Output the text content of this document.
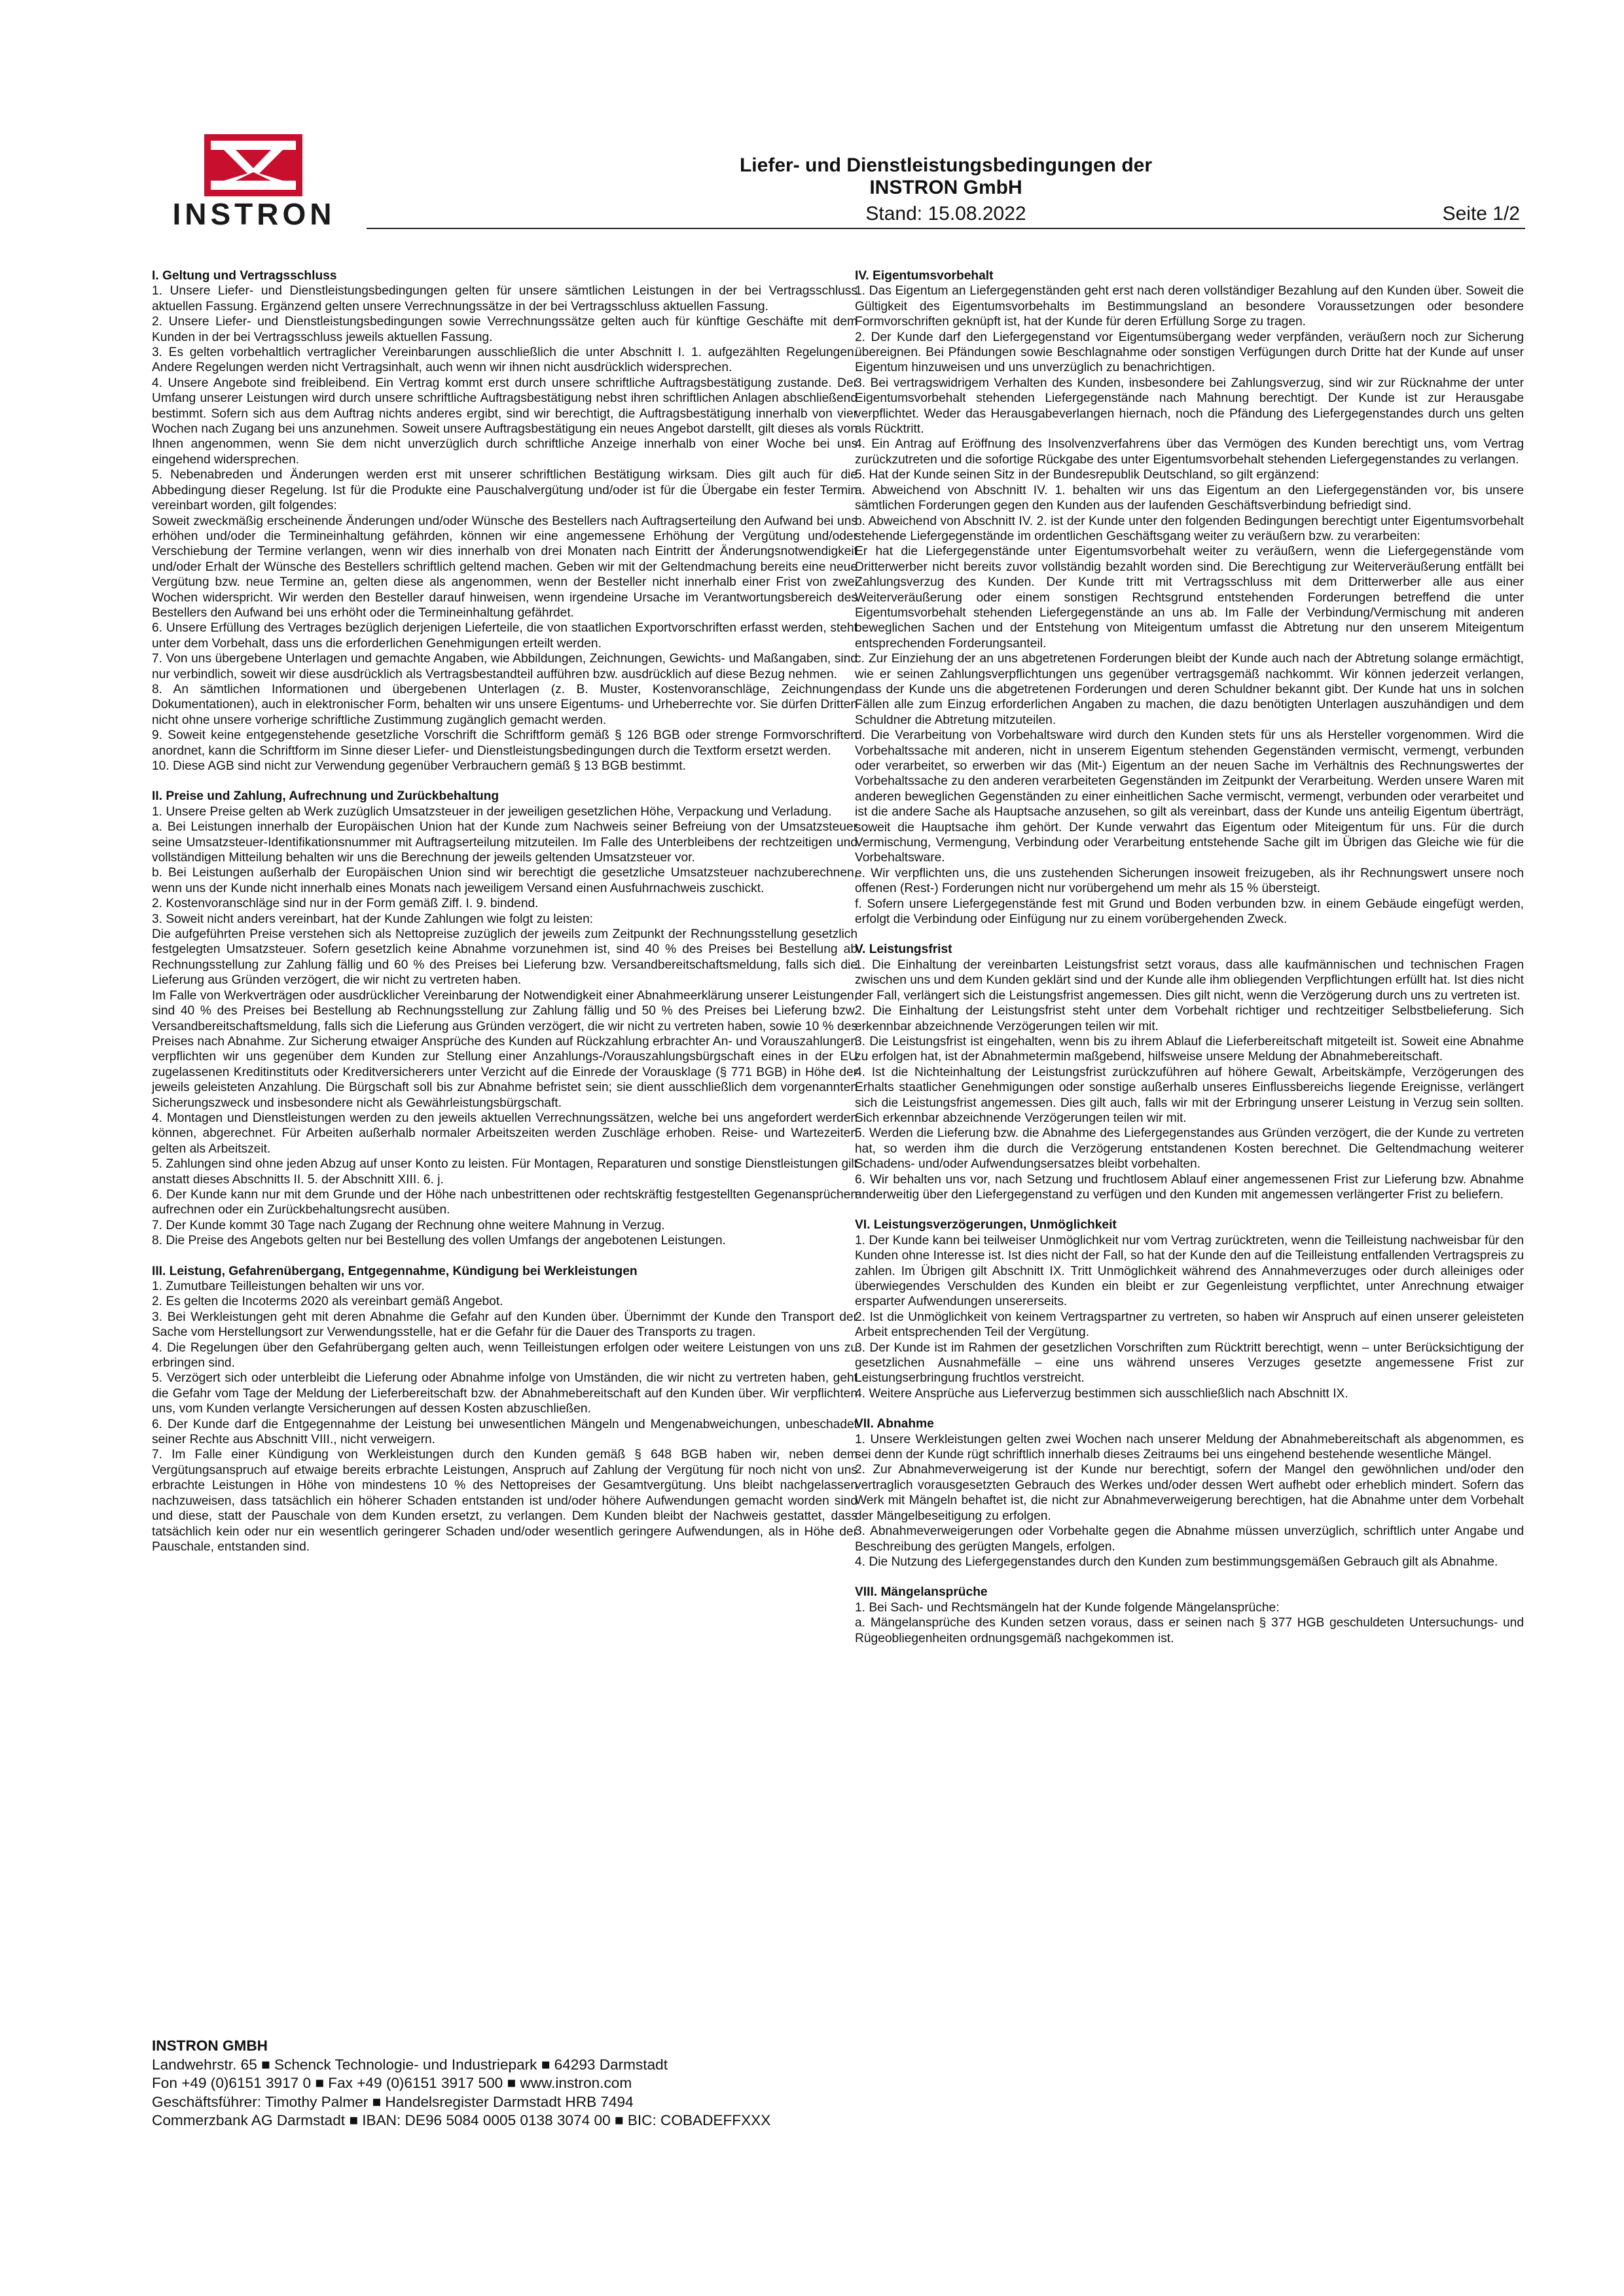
INSTRON
Liefer- und Dienstleistungsbedingungen der
INSTRON GmbH
Stand: 15.08.2022	Seite 1/2
I. Geltung und Vertragsschluss

1. Unsere Liefer- und Dienstleistungsbedingungen gelten für unsere sämtlichen Leistungen in der bei Vertragsschluss aktuellen Fassung. Ergänzend gelten unsere Verrechnungssätze in der bei Vertragsschluss aktuellen Fassung.

2. Unsere Liefer- und Dienstleistungsbedingungen sowie Verrechnungssätze gelten auch für künftige Geschäfte mit dem Kunden in der bei Vertragsschluss jeweils aktuellen Fassung.

3. Es gelten vorbehaltlich vertraglicher Vereinbarungen ausschließlich die unter Abschnitt I. 1. aufgezählten Regelungen. Andere Regelungen werden nicht Vertragsinhalt, auch wenn wir ihnen nicht ausdrücklich widersprechen.

4. Unsere Angebote sind freibleibend. Ein Vertrag kommt erst durch unsere schriftliche Auftragsbestätigung zustande. Der Umfang unserer Leistungen wird durch unsere schriftliche Auftragsbestätigung nebst ihren schriftlichen Anlagen abschließend bestimmt. Sofern sich aus dem Auftrag nichts anderes ergibt, sind wir berechtigt, die Auftragsbestätigung innerhalb von vier Wochen nach Zugang bei uns anzunehmen. Soweit unsere Auftragsbestätigung ein neues Angebot darstellt, gilt dieses als von Ihnen angenommen, wenn Sie dem nicht unverzüglich durch schriftliche Anzeige innerhalb von einer Woche bei uns eingehend widersprechen.

5. Nebenabreden und Änderungen werden erst mit unserer schriftlichen Bestätigung wirksam. Dies gilt auch für die Abbedingung dieser Regelung. Ist für die Produkte eine Pauschalvergütung und/oder ist für die Übergabe ein fester Termin vereinbart worden, gilt folgendes:

Soweit zweckmäßig erscheinende Änderungen und/oder Wünsche des Bestellers nach Auftragserteilung den Aufwand bei uns erhöhen und/oder die Termineinhaltung gefährden, können wir eine angemessene Erhöhung der Vergütung und/oder Verschiebung der Termine verlangen, wenn wir dies innerhalb von drei Monaten nach Eintritt der Änderungsnotwendigkeit und/oder Erhalt der Wünsche des Bestellers schriftlich geltend machen. Geben wir mit der Geltendmachung bereits eine neue Vergütung bzw. neue Termine an, gelten diese als angenommen, wenn der Besteller nicht innerhalb einer Frist von zwei Wochen widerspricht. Wir werden den Besteller darauf hinweisen, wenn irgendeine Ursache im Verantwortungsbereich des Bestellers den Aufwand bei uns erhöht oder die Termineinhaltung gefährdet.

6. Unsere Erfüllung des Vertrages bezüglich derjenigen Lieferteile, die von staatlichen Exportvorschriften erfasst werden, steht unter dem Vorbehalt, dass uns die erforderlichen Genehmigungen erteilt werden.

7. Von uns übergebene Unterlagen und gemachte Angaben, wie Abbildungen, Zeichnungen, Gewichts- und Maßangaben, sind nur verbindlich, soweit wir diese ausdrücklich als Vertragsbestandteil aufführen bzw. ausdrücklich auf diese Bezug nehmen.

8. An sämtlichen Informationen und übergebenen Unterlagen (z. B. Muster, Kostenvoranschläge, Zeichnungen, Dokumentationen), auch in elektronischer Form, behalten wir uns unsere Eigentums- und Urheberrechte vor. Sie dürfen Dritten nicht ohne unsere vorherige schriftliche Zustimmung zugänglich gemacht werden.

9. Soweit keine entgegenstehende gesetzliche Vorschrift die Schriftform gemäß § 126 BGB oder strenge Formvorschriften anordnet, kann die Schriftform im Sinne dieser Liefer- und Dienstleistungsbedingungen durch die Textform ersetzt werden.

10. Diese AGB sind nicht zur Verwendung gegenüber Verbrauchern gemäß § 13 BGB bestimmt.

II. Preise und Zahlung, Aufrechnung und Zurückbehaltung

1. Unsere Preise gelten ab Werk zuzüglich Umsatzsteuer in der jeweiligen gesetzlichen Höhe, Verpackung und Verladung.

a. Bei Leistungen innerhalb der Europäischen Union hat der Kunde zum Nachweis seiner Befreiung von der Umsatzsteuer seine Umsatzsteuer-Identifikationsnummer mit Auftragserteilung mitzuteilen. Im Falle des Unterbleibens der rechtzeitigen und vollständigen Mitteilung behalten wir uns die Berechnung der jeweils geltenden Umsatzsteuer vor.

b. Bei Leistungen außerhalb der Europäischen Union sind wir berechtigt die gesetzliche Umsatzsteuer nachzuberechnen, wenn uns der Kunde nicht innerhalb eines Monats nach jeweiligem Versand einen Ausfuhrnachweis zuschickt.

2. Kostenvoranschläge sind nur in der Form gemäß Ziff. I. 9. bindend.

3. Soweit nicht anders vereinbart, hat der Kunde Zahlungen wie folgt zu leisten:

Die aufgeführten Preise verstehen sich als Nettopreise zuzüglich der jeweils zum Zeitpunkt der Rechnungsstellung gesetzlich festgelegten Umsatzsteuer. Sofern gesetzlich keine Abnahme vorzunehmen ist, sind 40 % des Preises bei Bestellung ab Rechnungsstellung zur Zahlung fällig und 60 % des Preises bei Lieferung bzw. Versandbereitschaftsmeldung, falls sich die Lieferung aus Gründen verzögert, die wir nicht zu vertreten haben.

Im Falle von Werkverträgen oder ausdrücklicher Vereinbarung der Notwendigkeit einer Abnahmeerklärung unserer Leistungen, sind 40 % des Preises bei Bestellung ab Rechnungsstellung zur Zahlung fällig und 50 % des Preises bei Lieferung bzw. Versandbereitschaftsmeldung, falls sich die Lieferung aus Gründen verzögert, die wir nicht zu vertreten haben, sowie 10 % des Preises nach Abnahme. Zur Sicherung etwaiger Ansprüche des Kunden auf Rückzahlung erbrachter An- und Vorauszahlungen verpflichten wir uns gegenüber dem Kunden zur Stellung einer Anzahlungs-/Vorauszahlungsbürgschaft eines in der EU zugelassenen Kreditinstituts oder Kreditversicherers unter Verzicht auf die Einrede der Vorausklage (§ 771 BGB) in Höhe der jeweils geleisteten Anzahlung. Die Bürgschaft soll bis zur Abnahme befristet sein; sie dient ausschließlich dem vorgenannten Sicherungszweck und insbesondere nicht als Gewährleistungsbürgschaft.

4. Montagen und Dienstleistungen werden zu den jeweils aktuellen Verrechnungssätzen, welche bei uns angefordert werden können, abgerechnet. Für Arbeiten außerhalb normaler Arbeitszeiten werden Zuschläge erhoben. Reise- und Wartezeiten gelten als Arbeitszeit.

5. Zahlungen sind ohne jeden Abzug auf unser Konto zu leisten. Für Montagen, Reparaturen und sonstige Dienstleistungen gilt anstatt dieses Abschnitts II. 5. der Abschnitt XIII. 6. j.

6. Der Kunde kann nur mit dem Grunde und der Höhe nach unbestrittenen oder rechtskräftig festgestellten Gegenansprüchen aufrechnen oder ein Zurückbehaltungsrecht ausüben.

7. Der Kunde kommt 30 Tage nach Zugang der Rechnung ohne weitere Mahnung in Verzug.

8. Die Preise des Angebots gelten nur bei Bestellung des vollen Umfangs der angebotenen Leistungen.

III. Leistung, Gefahrenübergang, Entgegennahme, Kündigung bei Werkleistungen

1. Zumutbare Teilleistungen behalten wir uns vor.

2. Es gelten die Incoterms 2020 als vereinbart gemäß Angebot.

3. Bei Werkleistungen geht mit deren Abnahme die Gefahr auf den Kunden über. Übernimmt der Kunde den Transport der Sache vom Herstellungsort zur Verwendungsstelle, hat er die Gefahr für die Dauer des Transports zu tragen.

4. Die Regelungen über den Gefahrübergang gelten auch, wenn Teilleistungen erfolgen oder weitere Leistungen von uns zu erbringen sind.

5. Verzögert sich oder unterbleibt die Lieferung oder Abnahme infolge von Umständen, die wir nicht zu vertreten haben, geht die Gefahr vom Tage der Meldung der Lieferbereitschaft bzw. der Abnahmebereitschaft auf den Kunden über. Wir verpflichten uns, vom Kunden verlangte Versicherungen auf dessen Kosten abzuschließen.

6. Der Kunde darf die Entgegennahme der Leistung bei unwesentlichen Mängeln und Mengenabweichungen, unbeschadet seiner Rechte aus Abschnitt VIII., nicht verweigern.

7. Im Falle einer Kündigung von Werkleistungen durch den Kunden gemäß § 648 BGB haben wir, neben dem Vergütungsanspruch auf etwaige bereits erbrachte Leistungen, Anspruch auf Zahlung der Vergütung für noch nicht von uns erbrachte Leistungen in Höhe von mindestens 10 % des Nettopreises der Gesamtvergütung. Uns bleibt nachgelassen nachzuweisen, dass tatsächlich ein höherer Schaden entstanden ist und/oder höhere Aufwendungen gemacht worden sind und diese, statt der Pauschale von dem Kunden ersetzt, zu verlangen. Dem Kunden bleibt der Nachweis gestattet, dass tatsächlich kein oder nur ein wesentlich geringerer Schaden und/oder wesentlich geringere Aufwendungen, als in Höhe der Pauschale, entstanden sind.

IV. Eigentumsvorbehalt

1. Das Eigentum an Liefergegenständen geht erst nach deren vollständiger Bezahlung auf den Kunden über. Soweit die Gültigkeit des Eigentumsvorbehalts im Bestimmungsland an besondere Voraussetzungen oder besondere Formvorschriften geknüpft ist, hat der Kunde für deren Erfüllung Sorge zu tragen.

2. Der Kunde darf den Liefergegenstand vor Eigentumsübergang weder verpfänden, veräußern noch zur Sicherung übereignen. Bei Pfändungen sowie Beschlagnahme oder sonstigen Verfügungen durch Dritte hat der Kunde auf unser Eigentum hinzuweisen und uns unverzüglich zu benachrichtigen.

3. Bei vertragswidrigem Verhalten des Kunden, insbesondere bei Zahlungsverzug, sind wir zur Rücknahme der unter Eigentumsvorbehalt stehenden Liefergegenstände nach Mahnung berechtigt. Der Kunde ist zur Herausgabe verpflichtet. Weder das Herausgabeverlangen hiernach, noch die Pfändung des Liefergegenstandes durch uns gelten als Rücktritt.

4. Ein Antrag auf Eröffnung des Insolvenzverfahrens über das Vermögen des Kunden berechtigt uns, vom Vertrag zurückzutreten und die sofortige Rückgabe des unter Eigentumsvorbehalt stehenden Liefergegenstandes zu verlangen.

5. Hat der Kunde seinen Sitz in der Bundesrepublik Deutschland, so gilt ergänzend:

a. Abweichend von Abschnitt IV. 1. behalten wir uns das Eigentum an den Liefergegenständen vor, bis unsere sämtlichen Forderungen gegen den Kunden aus der laufenden Geschäftsverbindung befriedigt sind.

b. Abweichend von Abschnitt IV. 2. ist der Kunde unter den folgenden Bedingungen berechtigt unter Eigentumsvorbehalt stehende Liefergegenstände im ordentlichen Geschäftsgang weiter zu veräußern bzw. zu verarbeiten:

Er hat die Liefergegenstände unter Eigentumsvorbehalt weiter zu veräußern, wenn die Liefergegenstände vom Dritterwerber nicht bereits zuvor vollständig bezahlt worden sind. Die Berechtigung zur Weiterveräußerung entfällt bei Zahlungsverzug des Kunden. Der Kunde tritt mit Vertragsschluss mit dem Dritterwerber alle aus einer Weiterveräußerung oder einem sonstigen Rechtsgrund entstehenden Forderungen betreffend die unter Eigentumsvorbehalt stehenden Liefergegenstände an uns ab. Im Falle der Verbindung/Vermischung mit anderen beweglichen Sachen und der Entstehung von Miteigentum umfasst die Abtretung nur den unserem Miteigentum entsprechenden Forderungsanteil.

c. Zur Einziehung der an uns abgetretenen Forderungen bleibt der Kunde auch nach der Abtretung solange ermächtigt, wie er seinen Zahlungsverpflichtungen uns gegenüber vertragsgemäß nachkommt. Wir können jederzeit verlangen, dass der Kunde uns die abgetretenen Forderungen und deren Schuldner bekannt gibt. Der Kunde hat uns in solchen Fällen alle zum Einzug erforderlichen Angaben zu machen, die dazu benötigten Unterlagen auszuhändigen und dem Schuldner die Abtretung mitzuteilen.

d. Die Verarbeitung von Vorbehaltsware wird durch den Kunden stets für uns als Hersteller vorgenommen. Wird die Vorbehaltssache mit anderen, nicht in unserem Eigentum stehenden Gegenständen vermischt, vermengt, verbunden oder verarbeitet, so erwerben wir das (Mit-) Eigentum an der neuen Sache im Verhältnis des Rechnungswertes der Vorbehaltssache zu den anderen verarbeiteten Gegenständen im Zeitpunkt der Verarbeitung. Werden unsere Waren mit anderen beweglichen Gegenständen zu einer einheitlichen Sache vermischt, vermengt, verbunden oder verarbeitet und ist die andere Sache als Hauptsache anzusehen, so gilt als vereinbart, dass der Kunde uns anteilig Eigentum überträgt, soweit die Hauptsache ihm gehört. Der Kunde verwahrt das Eigentum oder Miteigentum für uns. Für die durch Vermischung, Vermengung, Verbindung oder Verarbeitung entstehende Sache gilt im Übrigen das Gleiche wie für die Vorbehaltsware.

e. Wir verpflichten uns, die uns zustehenden Sicherungen insoweit freizugeben, als ihr Rechnungswert unsere noch offenen (Rest-) Forderungen nicht nur vorübergehend um mehr als 15 % übersteigt.

f. Sofern unsere Liefergegenstände fest mit Grund und Boden verbunden bzw. in einem Gebäude eingefügt werden, erfolgt die Verbindung oder Einfügung nur zu einem vorübergehenden Zweck.

V. Leistungsfrist

1. Die Einhaltung der vereinbarten Leistungsfrist setzt voraus, dass alle kaufmännischen und technischen Fragen zwischen uns und dem Kunden geklärt sind und der Kunde alle ihm obliegenden Verpflichtungen erfüllt hat. Ist dies nicht der Fall, verlängert sich die Leistungsfrist angemessen. Dies gilt nicht, wenn die Verzögerung durch uns zu vertreten ist.

2. Die Einhaltung der Leistungsfrist steht unter dem Vorbehalt richtiger und rechtzeitiger Selbstbelieferung. Sich erkennbar abzeichnende Verzögerungen teilen wir mit.

3. Die Leistungsfrist ist eingehalten, wenn bis zu ihrem Ablauf die Lieferbereitschaft mitgeteilt ist. Soweit eine Abnahme zu erfolgen hat, ist der Abnahmetermin maßgebend, hilfsweise unsere Meldung der Abnahmebereitschaft.

4. Ist die Nichteinhaltung der Leistungsfrist zurückzuführen auf höhere Gewalt, Arbeitskämpfe, Verzögerungen des Erhalts staatlicher Genehmigungen oder sonstige außerhalb unseres Einflussbereichs liegende Ereignisse, verlängert sich die Leistungsfrist angemessen. Dies gilt auch, falls wir mit der Erbringung unserer Leistung in Verzug sein sollten. Sich erkennbar abzeichnende Verzögerungen teilen wir mit.

5. Werden die Lieferung bzw. die Abnahme des Liefergegenstandes aus Gründen verzögert, die der Kunde zu vertreten hat, so werden ihm die durch die Verzögerung entstandenen Kosten berechnet. Die Geltendmachung weiterer Schadens- und/oder Aufwendungsersatzes bleibt vorbehalten.

6. Wir behalten uns vor, nach Setzung und fruchtlosem Ablauf einer angemessenen Frist zur Lieferung bzw. Abnahme anderweitig über den Liefergegenstand zu verfügen und den Kunden mit angemessen verlängerter Frist zu beliefern.

VI. Leistungsverzögerungen, Unmöglichkeit

1. Der Kunde kann bei teilweiser Unmöglichkeit nur vom Vertrag zurücktreten, wenn die Teilleistung nachweisbar für den Kunden ohne Interesse ist. Ist dies nicht der Fall, so hat der Kunde den auf die Teilleistung entfallenden Vertragspreis zu zahlen. Im Übrigen gilt Abschnitt IX. Tritt Unmöglichkeit während des Annahmeverzuges oder durch alleiniges oder überwiegendes Verschulden des Kunden ein bleibt er zur Gegenleistung verpflichtet, unter Anrechnung etwaiger ersparter Aufwendungen unsererseits.

2. Ist die Unmöglichkeit von keinem Vertragspartner zu vertreten, so haben wir Anspruch auf einen unserer geleisteten Arbeit entsprechenden Teil der Vergütung.

3. Der Kunde ist im Rahmen der gesetzlichen Vorschriften zum Rücktritt berechtigt, wenn – unter Berücksichtigung der gesetzlichen Ausnahmefälle – eine uns während unseres Verzuges gesetzte angemessene Frist zur Leistungserbringung fruchtlos verstreicht.

4. Weitere Ansprüche aus Lieferverzug bestimmen sich ausschließlich nach Abschnitt IX.

VII. Abnahme

1. Unsere Werkleistungen gelten zwei Wochen nach unserer Meldung der Abnahmebereitschaft als abgenommen, es sei denn der Kunde rügt schriftlich innerhalb dieses Zeitraums bei uns eingehend bestehende wesentliche Mängel.

2. Zur Abnahmeverweigerung ist der Kunde nur berechtigt, sofern der Mangel den gewöhnlichen und/oder den vertraglich vorausgesetzten Gebrauch des Werkes und/oder dessen Wert aufhebt oder erheblich mindert. Sofern das Werk mit Mängeln behaftet ist, die nicht zur Abnahmeverweigerung berechtigen, hat die Abnahme unter dem Vorbehalt der Mängelbeseitigung zu erfolgen.

3. Abnahmeverweigerungen oder Vorbehalte gegen die Abnahme müssen unverzüglich, schriftlich unter Angabe und Beschreibung des gerügten Mangels, erfolgen.

4. Die Nutzung des Liefergegenstandes durch den Kunden zum bestimmungsgemäßen Gebrauch gilt als Abnahme.

VIII. Mängelansprüche

1. Bei Sach- und Rechtsmängeln hat der Kunde folgende Mängelansprüche:

a. Mängelansprüche des Kunden setzen voraus, dass er seinen nach § 377 HGB geschuldeten Untersuchungs- und Rügeobliegenheiten ordnungsgemäß nachgekommen ist.

INSTRON GMBH
Landwehrstr. 65 ■ Schenck Technologie- und Industriepark ■ 64293 Darmstadt
Fon +49 (0)6151 3917 0 ■ Fax +49 (0)6151 3917 500 ■ www.instron.com
Geschäftsführer: Timothy Palmer ■ Handelsregister Darmstadt HRB 7494
Commerzbank AG Darmstadt ■ IBAN: DE96 5084 0005 0138 3074 00 ■ BIC: COBADEFFXXX
